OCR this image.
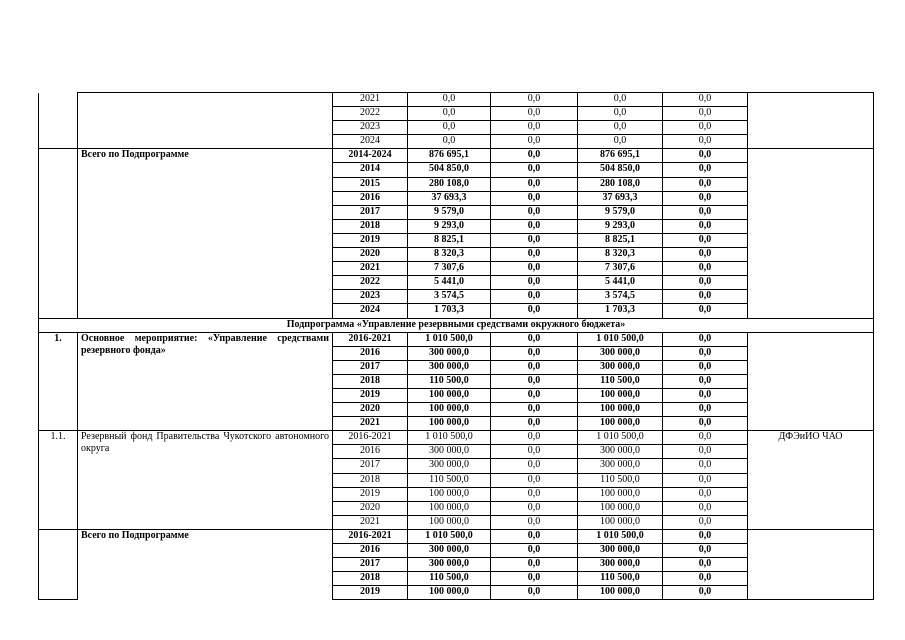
		2021	0,0	0,0	0,0	0,0	
		2022	0,0	0,0	0,0	0,0	
		2023	0,0	0,0	0,0	0,0	
		2024	0,0	0,0	0,0	0,0	
	Всего по Подпрограмме	2014-2024	876 695,1	0,0	876 695,1	0,0	
		2014	504 850,0	0,0	504 850,0	0,0	
		2015	280 108,0	0,0	280 108,0	0,0	
		2016	37 693,3	0,0	37 693,3	0,0	
		2017	9 579,0	0,0	9 579,0	0,0	
		2018	9 293,0	0,0	9 293,0	0,0	
		2019	8 825,1	0,0	8 825,1	0,0	
		2020	8 320,3	0,0	8 320,3	0,0	
		2021	7 307,6	0,0	7 307,6	0,0	
		2022	5 441,0	0,0	5 441,0	0,0	
		2023	3 574,5	0,0	3 574,5	0,0	
		2024	1 703,3	0,0	1 703,3	0,0	
Подпрограмма «Управление резервными средствами окружного бюджета»							
1.	Основное мероприятие: «Управление средствами резервного фонда»	2016-2021	1 010 500,0	0,0	1 010 500,0	0,0	
		2016	300 000,0	0,0	300 000,0	0,0	
		2017	300 000,0	0,0	300 000,0	0,0	
		2018	110 500,0	0,0	110 500,0	0,0	
		2019	100 000,0	0,0	100 000,0	0,0	
		2020	100 000,0	0,0	100 000,0	0,0	
		2021	100 000,0	0,0	100 000,0	0,0	
1.1.	Резервный фонд Правительства Чукотского автономного округа	2016-2021	1 010 500,0	0,0	1 010 500,0	0,0	ДФЭиИО ЧАО
		2016	300 000,0	0,0	300 000,0	0,0	
		2017	300 000,0	0,0	300 000,0	0,0	
		2018	110 500,0	0,0	110 500,0	0,0	
		2019	100 000,0	0,0	100 000,0	0,0	
		2020	100 000,0	0,0	100 000,0	0,0	
		2021	100 000,0	0,0	100 000,0	0,0	
	Всего по Подпрограмме	2016-2021	1 010 500,0	0,0	1 010 500,0	0,0	
		2016	300 000,0	0,0	300 000,0	0,0	
		2017	300 000,0	0,0	300 000,0	0,0	
		2018	110 500,0	0,0	110 500,0	0,0	
		2019	100 000,0	0,0	100 000,0	0,0	
